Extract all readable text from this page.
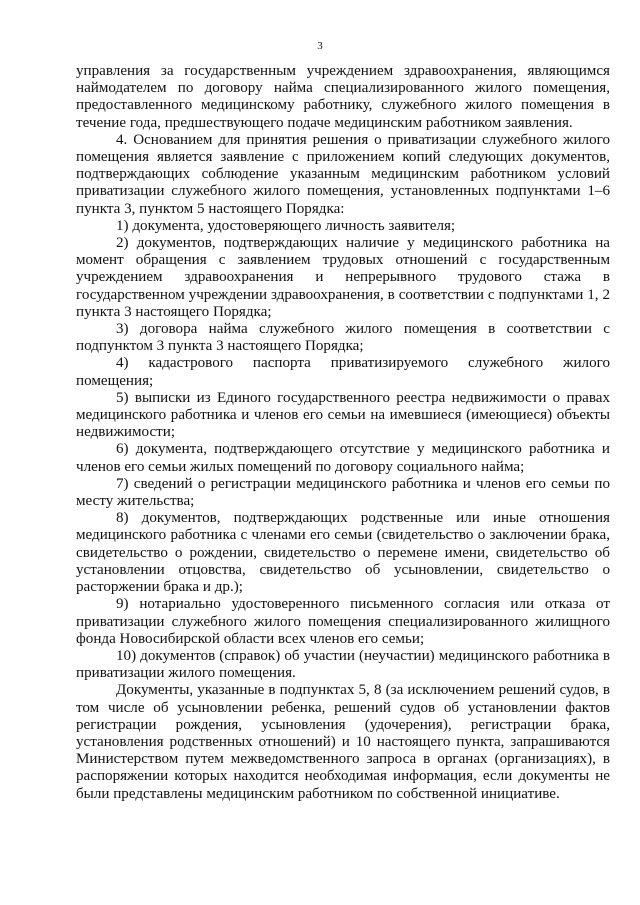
3

управления за государственным учреждением здравоохранения, являющимся наймодателем по договору найма специализированного жилого помещения, предоставленного медицинскому работнику, служебного жилого помещения в течение года, предшествующего подаче медицинским работником заявления.

4. Основанием для принятия решения о приватизации служебного жилого помещения является заявление с приложением копий следующих документов, подтверждающих соблюдение указанным медицинским работником условий приватизации служебного жилого помещения, установленных подпунктами 1–6 пункта 3, пунктом 5 настоящего Порядка:

1) документа, удостоверяющего личность заявителя;

2) документов, подтверждающих наличие у медицинского работника на момент обращения с заявлением трудовых отношений с государственным учреждением здравоохранения и непрерывного трудового стажа в государственном учреждении здравоохранения, в соответствии с подпунктами 1, 2 пункта 3 настоящего Порядка;

3) договора найма служебного жилого помещения в соответствии с подпунктом 3 пункта 3 настоящего Порядка;

4) кадастрового паспорта приватизируемого служебного жилого помещения;

5) выписки из Единого государственного реестра недвижимости о правах медицинского работника и членов его семьи на имевшиеся (имеющиеся) объекты недвижимости;

6) документа, подтверждающего отсутствие у медицинского работника и членов его семьи жилых помещений по договору социального найма;

7) сведений о регистрации медицинского работника и членов его семьи по месту жительства;

8) документов, подтверждающих родственные или иные отношения медицинского работника с членами его семьи (свидетельство о заключении брака, свидетельство о рождении, свидетельство о перемене имени, свидетельство об установлении отцовства, свидетельство об усыновлении, свидетельство о расторжении брака и др.);

9) нотариально удостоверенного письменного согласия или отказа от приватизации служебного жилого помещения специализированного жилищного фонда Новосибирской области всех членов его семьи;

10) документов (справок) об участии (неучастии) медицинского работника в приватизации жилого помещения.

Документы, указанные в подпунктах 5, 8 (за исключением решений судов, в том числе об усыновлении ребенка, решений судов об установлении фактов регистрации рождения, усыновления (удочерения), регистрации брака, установления родственных отношений) и 10 настоящего пункта, запрашиваются Министерством путем межведомственного запроса в органах (организациях), в распоряжении которых находится необходимая информация, если документы не были представлены медицинским работником по собственной инициативе.
